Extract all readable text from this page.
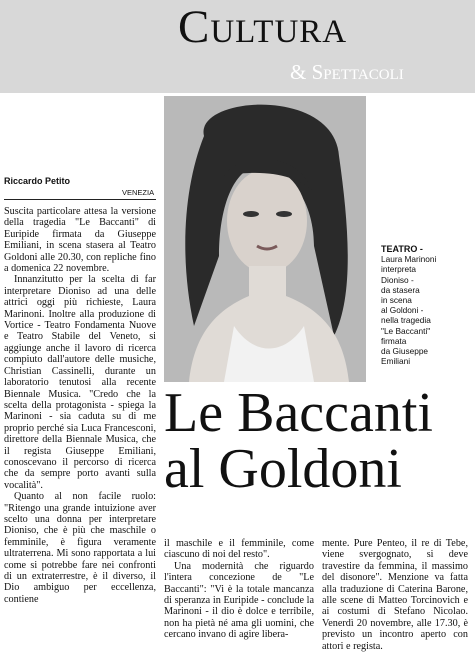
Cultura
& Spettacoli
Riccardo Petito
VENEZIA

Suscita particolare attesa la versione della tragedia "Le Baccanti" di Euripide firmata da Giuseppe Emiliani, in scena stasera al Teatro Goldoni alle 20.30, con repliche fino a domenica 22 novembre.

Innanzitutto per la scelta di far interpretare Dioniso ad una delle attrici oggi più richieste, Laura Marinoni. Inoltre alla produzione di Vortice - Teatro Fondamenta Nuove e Teatro Stabile del Veneto, si aggiunge anche il lavoro di ricerca compiuto dall'autore delle musiche, Christian Cassinelli, durante un laboratorio tenutosi alla recente Biennale Musica. "Credo che la scelta della protagonista - spiega la Marinoni - sia caduta su di me proprio perché sia Luca Francesconi, direttore della Biennale Musica, che il regista Giuseppe Emiliani, conoscevano il percorso di ricerca che da sempre porto avanti sulla vocalità".

Quanto al non facile ruolo: "Ritengo una grande intuizione aver scelto una donna per interpretare Dioniso, che è più che maschile o femminile, è figura veramente ultraterrena. Mi sono rapportata a lui come si potrebbe fare nei confronti di un extraterrestre, è il diverso, il Dio ambiguo per eccellenza, contiene

TEATRO -
Laura Marinoni
interpreta
Dioniso -
da stasera
in scena
al Goldoni -
nella tragedia
"Le Baccanti"
firmata
da Giuseppe
Emiliani
Le Baccanti
al Goldoni

il maschile e il femminile, come ciascuno di noi del resto".

Una modernità che riguardo l'intera concezione de "Le Baccanti": "Vi è la totale mancanza di speranza in Euripide - conclude la Marinoni - il dio è dolce e terribile, non ha pietà né ama gli uomini, che cercano invano di agire libera-

mente. Pure Penteo, il re di Tebe, viene svergognato, si deve travestire da femmina, il massimo del disonore". Menzione va fatta alla traduzione di Caterina Barone, alle scene di Matteo Torcinovich e ai costumi di Stefano Nicolao. Venerdì 20 novembre, alle 17.30, è previsto un incontro aperto con attori e regista.
